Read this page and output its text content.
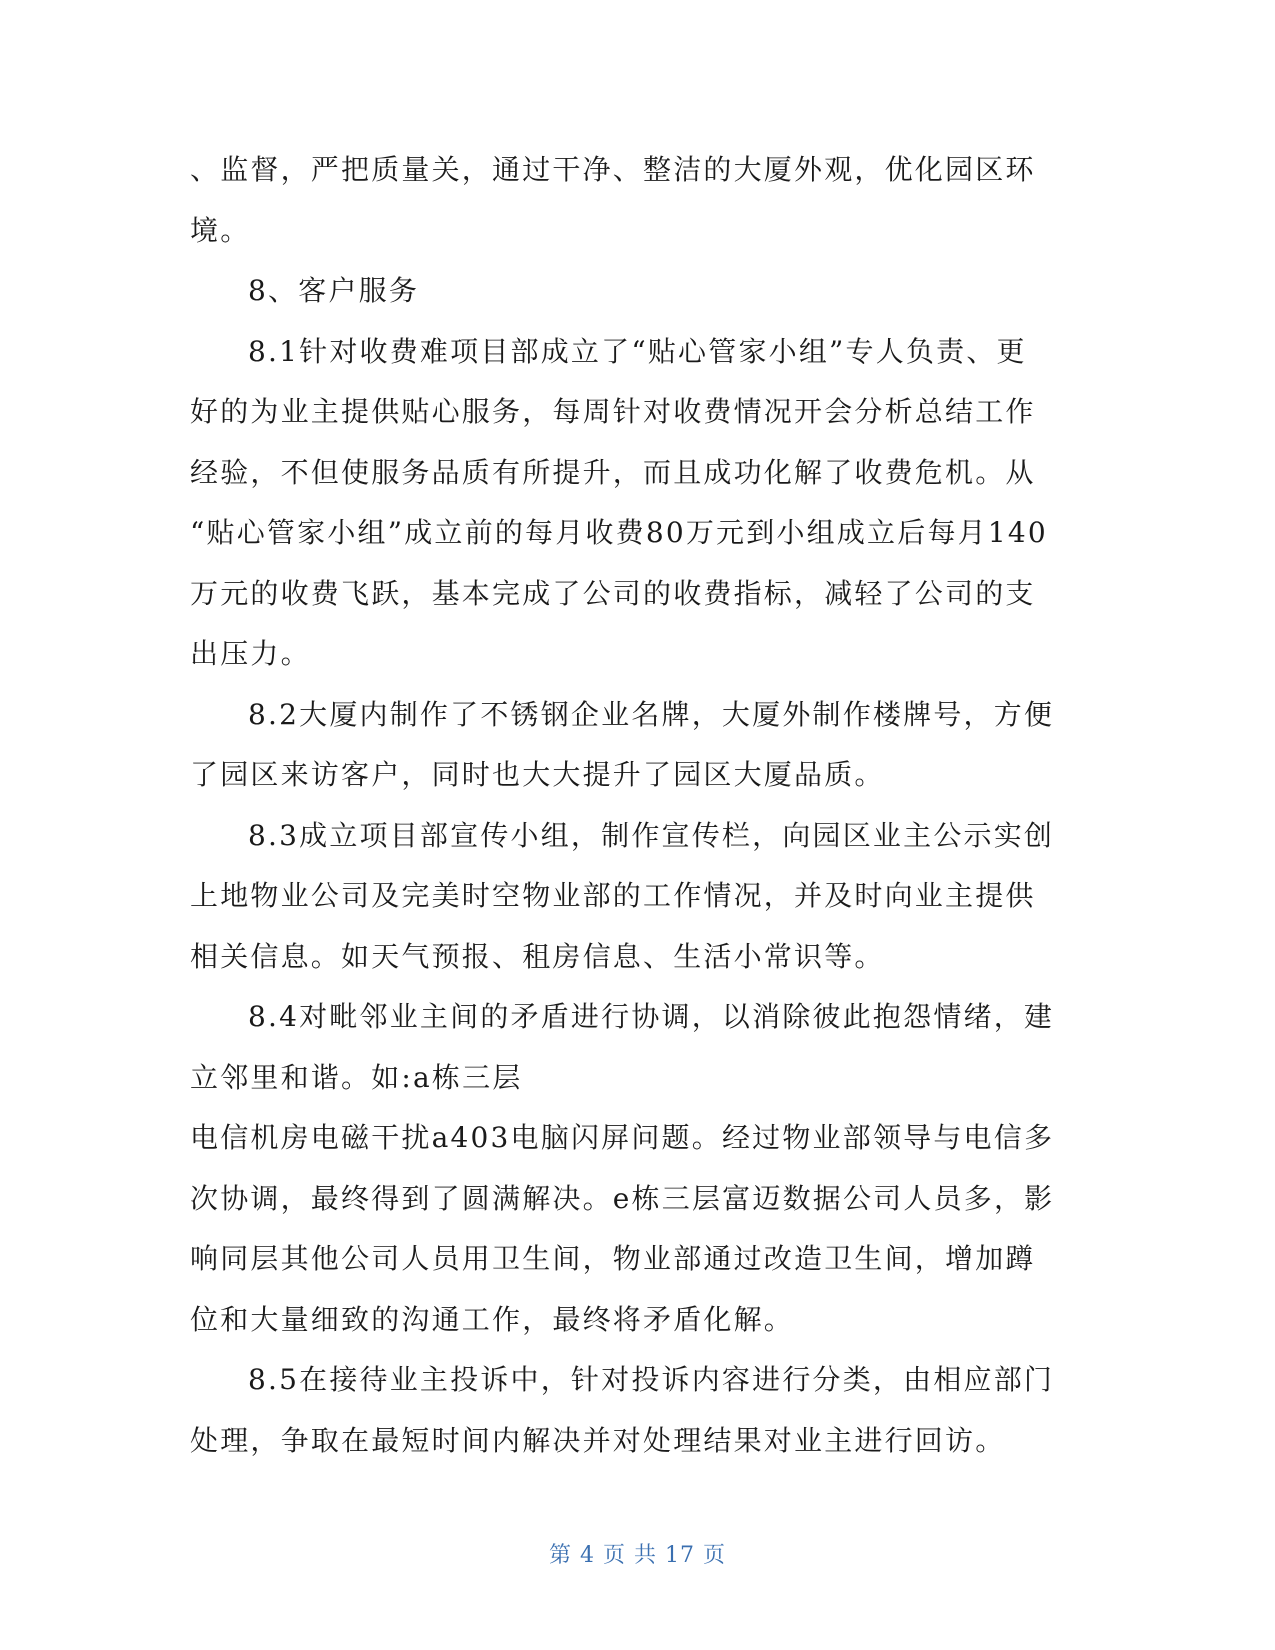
、监督，严把质量关，通过干净、整洁的大厦外观，优化园区环
境。
8、客户服务
8.1针对收费难项目部成立了“贴心管家小组”专人负责、更
好的为业主提供贴心服务，每周针对收费情况开会分析总结工作
经验，不但使服务品质有所提升，而且成功化解了收费危机。从
“贴心管家小组”成立前的每月收费80万元到小组成立后每月140
万元的收费飞跃，基本完成了公司的收费指标，减轻了公司的支
出压力。
8.2大厦内制作了不锈钢企业名牌，大厦外制作楼牌号，方便
了园区来访客户，同时也大大提升了园区大厦品质。
8.3成立项目部宣传小组，制作宣传栏，向园区业主公示实创
上地物业公司及完美时空物业部的工作情况，并及时向业主提供
相关信息。如天气预报、租房信息、生活小常识等。
8.4对毗邻业主间的矛盾进行协调，以消除彼此抱怨情绪，建
立邻里和谐。如:a栋三层
电信机房电磁干扰a403电脑闪屏问题。经过物业部领导与电信多
次协调，最终得到了圆满解决。e栋三层富迈数据公司人员多，影
响同层其他公司人员用卫生间，物业部通过改造卫生间，增加蹲
位和大量细致的沟通工作，最终将矛盾化解。
8.5在接待业主投诉中，针对投诉内容进行分类，由相应部门
处理，争取在最短时间内解决并对处理结果对业主进行回访。
第 4 页 共 17 页
